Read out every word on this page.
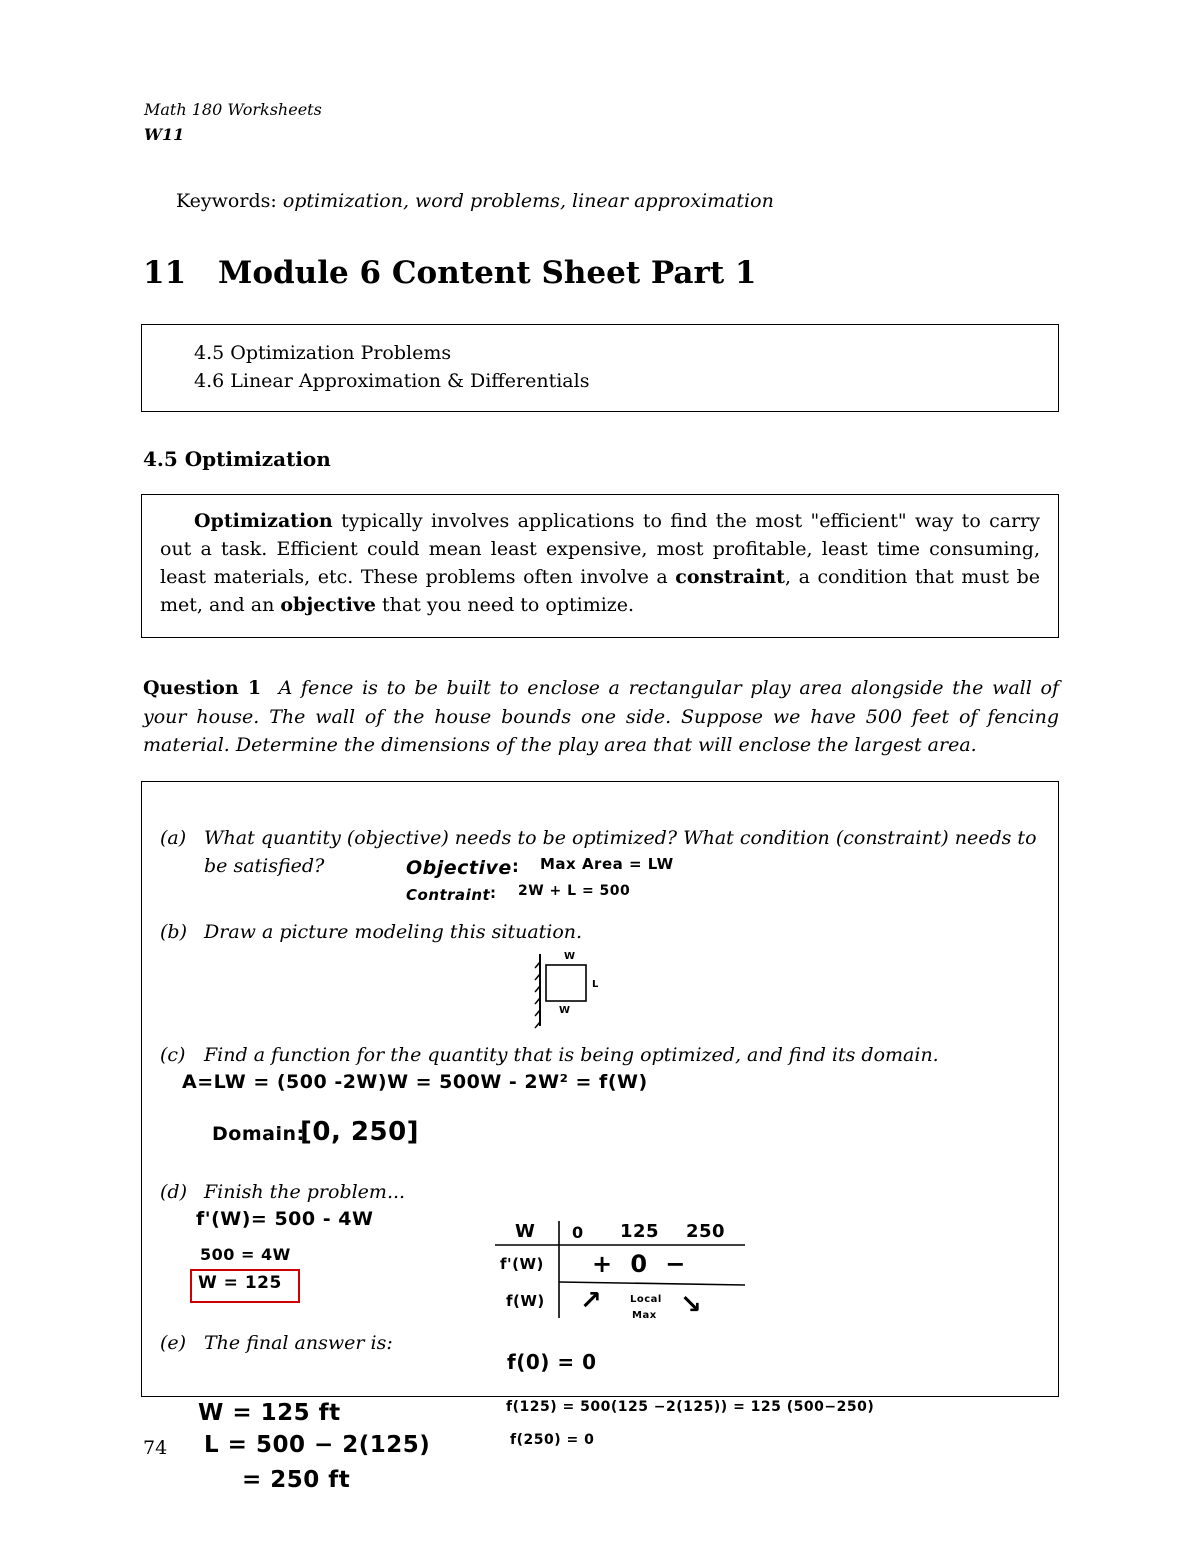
Math 180 Worksheets
W11
Keywords: optimization, word problems, linear approximation
11 Module 6 Content Sheet Part 1
4.5 Optimization Problems
4.6 Linear Approximation & Differentials
4.5 Optimization

Optimization typically involves applications to find the most "efficient" way to carry out a task. Efficient could mean least expensive, most profitable, least time consuming, least materials, etc. These problems often involve a constraint, a condition that must be met, and an objective that you need to optimize.

Question 1 A fence is to be built to enclose a rectangular play area alongside the wall of your house. The wall of the house bounds one side. Suppose we have 500 feet of fencing material. Determine the dimensions of the play area that will enclose the largest area.
(a) What quantity (objective) needs to be optimized? What condition (constraint) needs to be satisfied?	Objective : Max Area = LW
Contraint : 2W + L = 500
(b) Draw a picture modeling this situation.
W
L
W
(c) Find a function for the quantity that is being optimized, and find its domain.
A=LW = (500 -2W)W = 500W - 2W² = f(W)
Domain:
[0, 250]
(d) Finish the problem...
f'(W)= 500 - 4W
500 = 4W
W = 125
W 0 125 250
f'(W) +  0  −
f(W) ↗	Local
Max ↘
(e) The final answer is:
f(0) = 0
f(125) = 500(125 −2(125)) = 125 (500−250)
f(250) = 0
W = 125 ft
L = 500 − 2(125)
= 250 ft
74
